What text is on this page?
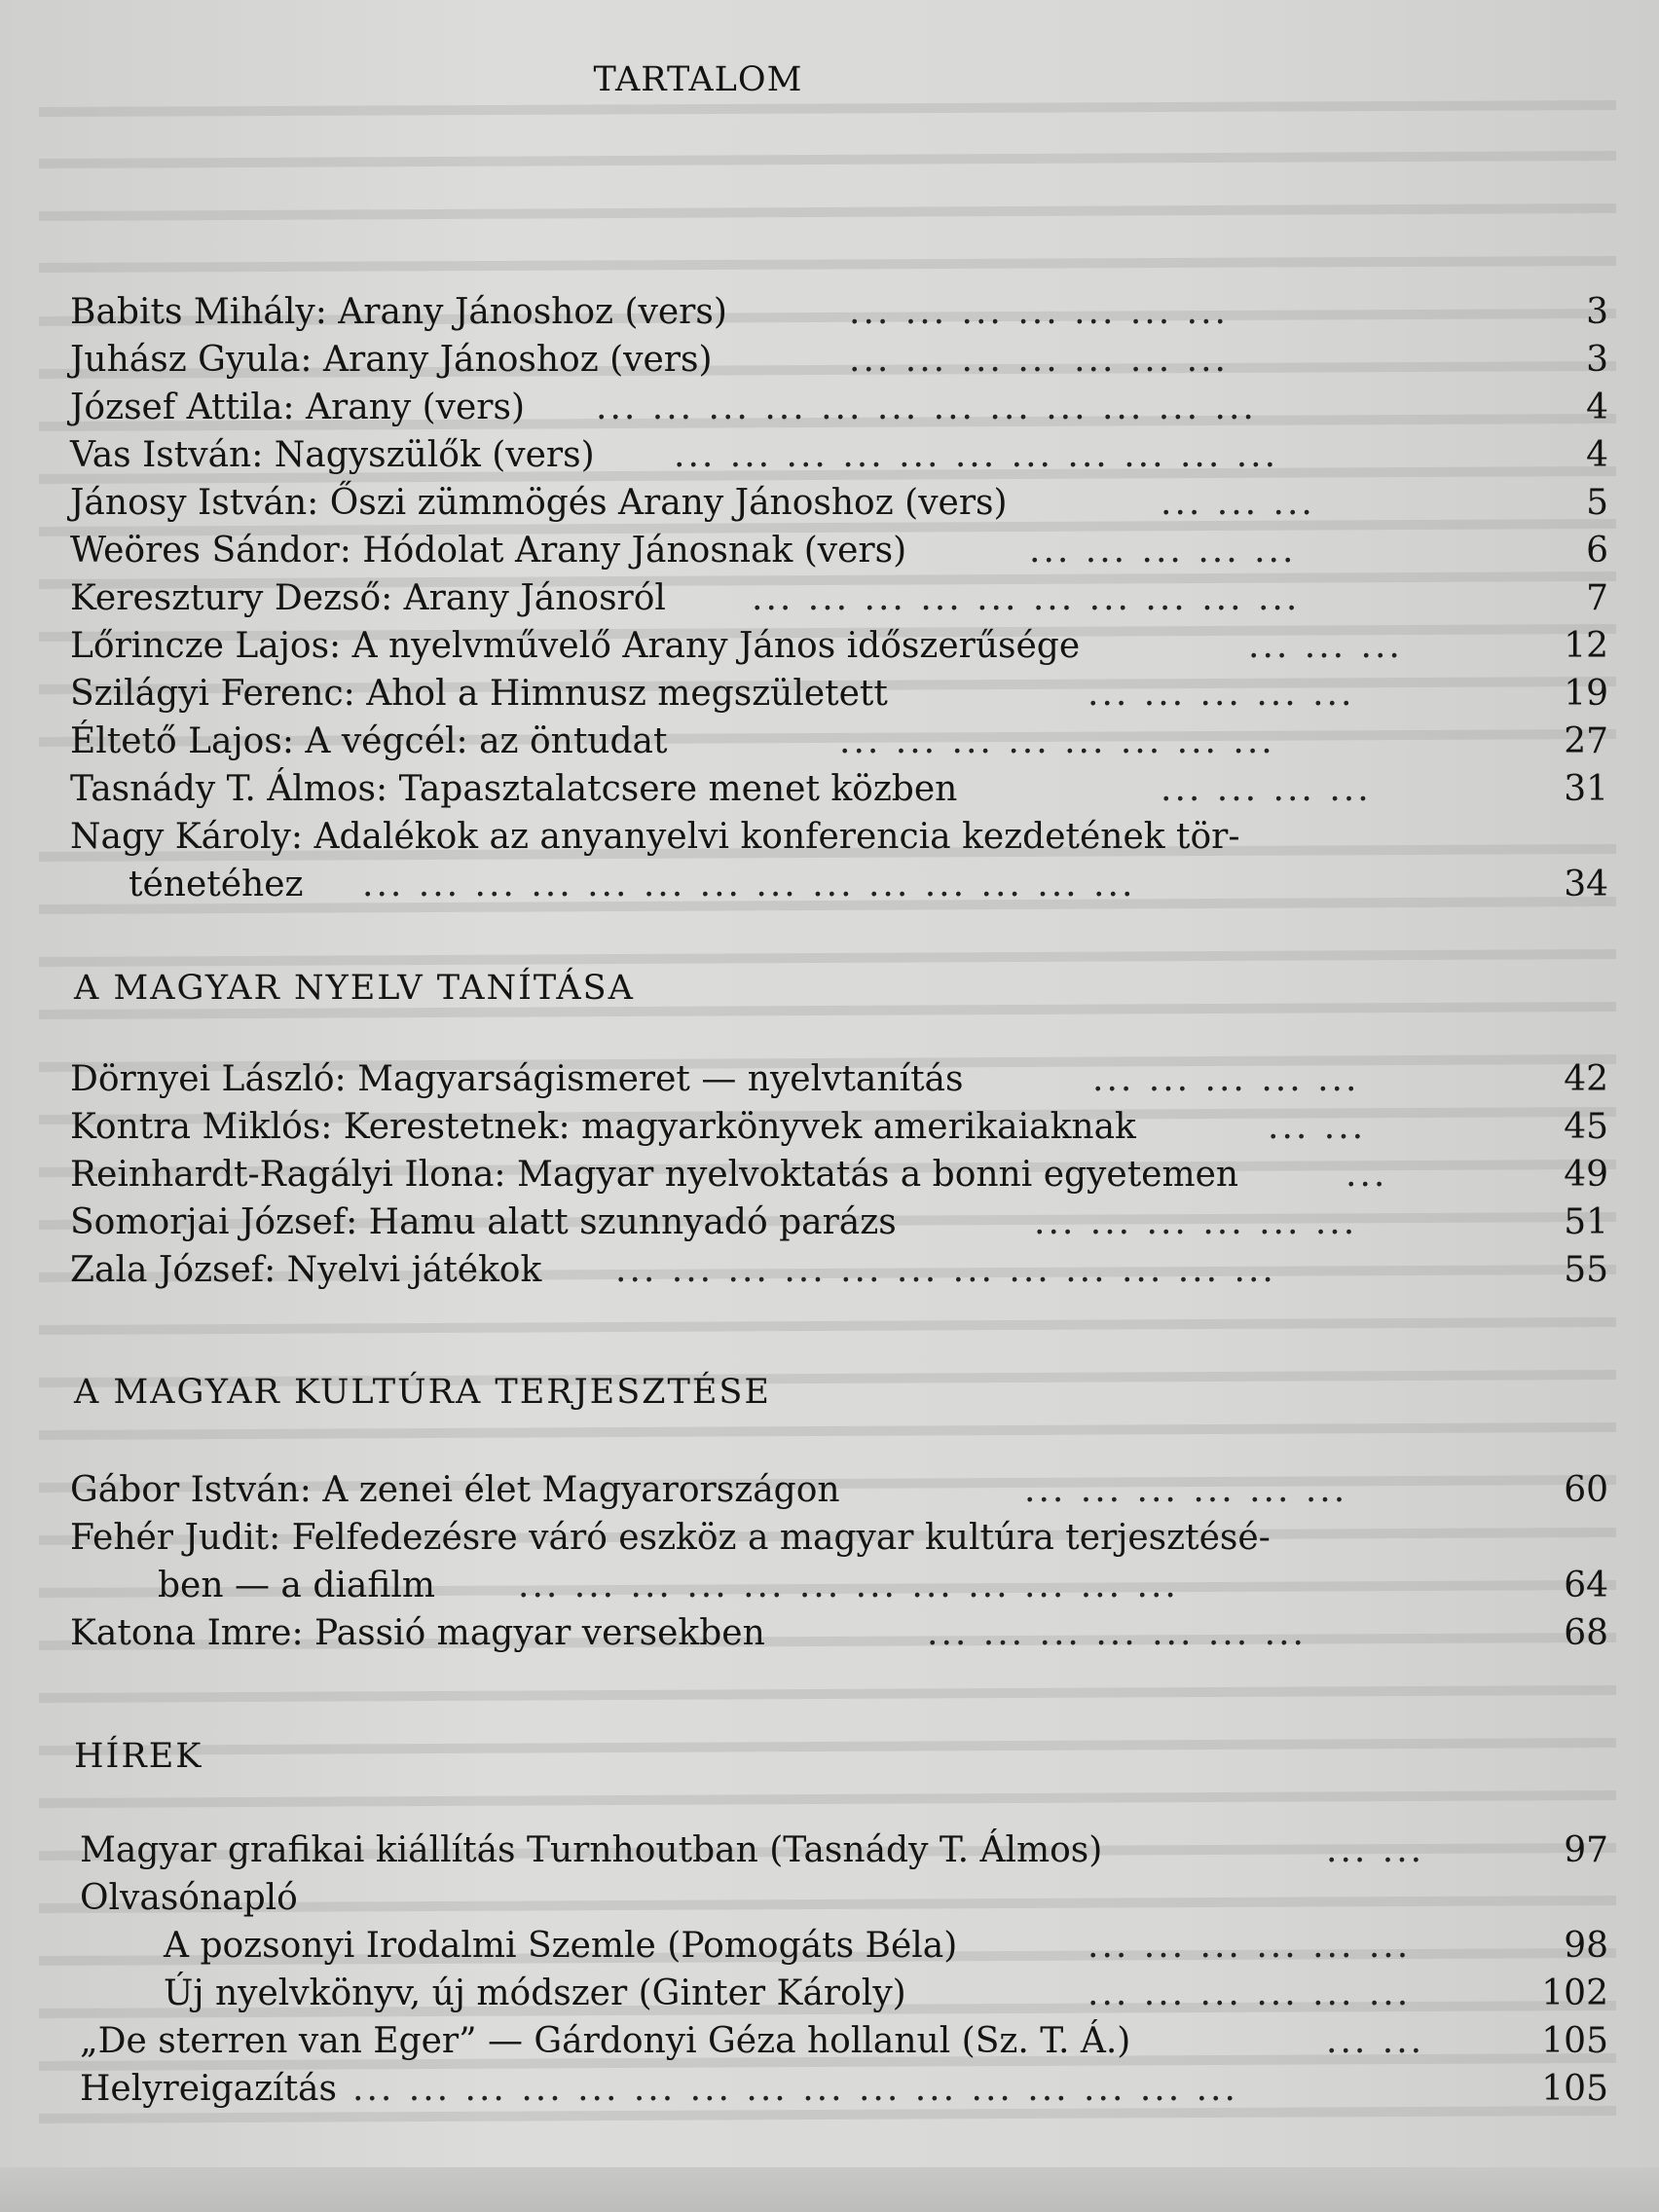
TARTALOM
Babits Mihály: Arany Jánoshoz (vers)	... ... ... ... ... ... ...	3
Juhász Gyula: Arany Jánoshoz (vers)	... ... ... ... ... ... ...	3
József Attila: Arany (vers) ... ... ... ... ... ... ... ... ... ... ... ...	4
Vas István: Nagyszülők (vers) ... ... ... ... ... ... ... ... ... ... ...	4
Jánosy István: Őszi zümmögés Arany Jánoshoz (vers)	... ... ...	5
Weöres Sándor: Hódolat Arany Jánosnak (vers)	... ... ... ... ...	6
Keresztury Dezső: Arany Jánosról ... ... ... ... ... ... ... ... ... ...	7
Lőrincze Lajos: A nyelvművelő Arany János időszerűsége	... ... ...	12
Szilágyi Ferenc: Ahol a Himnusz megszületett	... ... ... ... ...	19
Éltető Lajos: A végcél: az öntudat	... ... ... ... ... ... ... ...	27
Tasnády T. Álmos: Tapasztalatcsere menet közben	... ... ... ...	31
Nagy Károly: Adalékok az anyanyelvi konferencia kezdetének tör-
ténetéhez ... ... ... ... ... ... ... ... ... ... ... ... ... ...	34
A MAGYAR NYELV TANÍTÁSA
Dörnyei László: Magyarságismeret — nyelvtanítás	... ... ... ... ...	42
Kontra Miklós: Kerestetnek: magyarkönyvek amerikaiaknak	... ...	45
Reinhardt-Ragályi Ilona: Magyar nyelvoktatás a bonni egyetemen	...	49
Somorjai József: Hamu alatt szunnyadó parázs	... ... ... ... ... ...	51
Zala József: Nyelvi játékok ... ... ... ... ... ... ... ... ... ... ... ...	55
A MAGYAR KULTÚRA TERJESZTÉSE
Gábor István: A zenei élet Magyarországon	... ... ... ... ... ...	60
Fehér Judit: Felfedezésre váró eszköz a magyar kultúra terjesztésé-
ben — a diafilm ... ... ... ... ... ... ... ... ... ... ... ...	64
Katona Imre: Passió magyar versekben	... ... ... ... ... ... ...	68
HÍREK
Magyar grafikai kiállítás Turnhoutban (Tasnády T. Álmos)	... ...	97
Olvasónapló
A pozsonyi Irodalmi Szemle (Pomogáts Béla)	... ... ... ... ... ...	98
Új nyelvkönyv, új módszer (Ginter Károly)	... ... ... ... ... ...	102
„De sterren van Eger” — Gárdonyi Géza hollanul (Sz. T. Á.)	... ...	105
Helyreigazítás ... ... ... ... ... ... ... ... ... ... ... ... ... ... ... ...	105
